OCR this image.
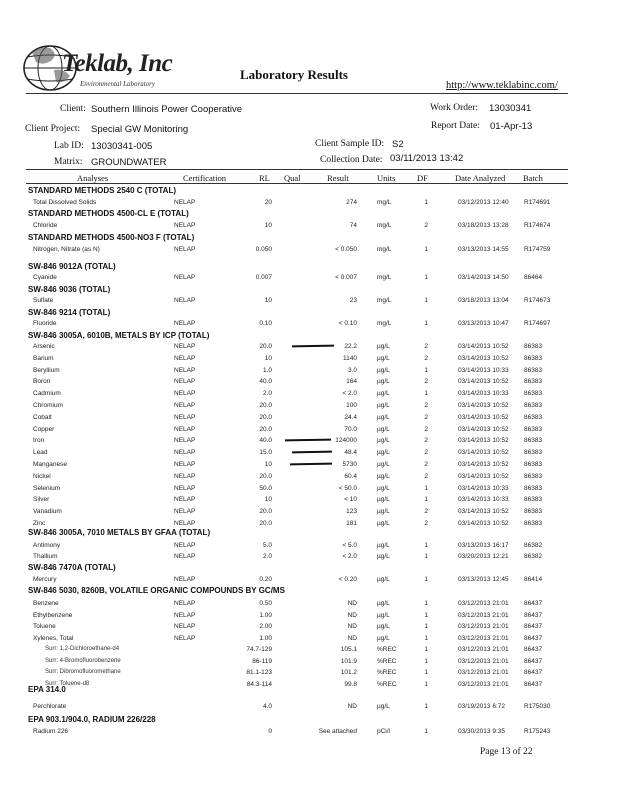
Teklab, Inc
Environmental Laboratory
Laboratory Results
http://www.teklabinc.com/
Client: Southern Illinois Power Cooperative	Work Order: 13030341
Client Project: Special GW Monitoring	Report Date: 01-Apr-13
Lab ID: 13030341-005	Client Sample ID: S2
Matrix: GROUNDWATER	Collection Date: 03/11/2013 13:42
Analyses	Certification	RL Qual	Result	Units	DF	Date Analyzed Batch
STANDARD METHODS 2540 C (TOTAL)
Total Dissolved Solids	NELAP	20	274	mg/L	1	03/12/2013 12:40 R174691
STANDARD METHODS 4500-CL E (TOTAL)
Chloride	NELAP	10	74	mg/L	2	03/18/2013 13:28 R174674
STANDARD METHODS 4500-NO3 F (TOTAL)
Nitrogen, Nitrate (as N)	NELAP	0.050	< 0.050	mg/L	1	03/13/2013 14:55 R174759
SW-846 9012A (TOTAL)
Cyanide	NELAP	0.007	< 0.007	mg/L	1	03/14/2013 14:50 86464
SW-846 9036 (TOTAL)
Sulfate	NELAP	10	23	mg/L	1	03/18/2013 13:04 R174673
SW-846 9214 (TOTAL)
Fluoride	NELAP	0.10	< 0.10	mg/L	1	03/13/2013 10:47 R174697
SW-846 3005A, 6010B, METALS BY ICP (TOTAL)
Arsenic	NELAP	20.0	22.2	µg/L	2	03/14/2013 10:52 86383
Barium	NELAP	10	1140	µg/L	2	03/14/2013 10:52 86383
Beryllium	NELAP	1.0	3.0	µg/L	1	03/14/2013 10:33 86383
Boron	NELAP	40.0	164	µg/L	2	03/14/2013 10:52 86383
Cadmium	NELAP	2.0	< 2.0	µg/L	1	03/14/2013 10:33 86383
Chromium	NELAP	20.0	100	µg/L	2	03/14/2013 10:52 86383
Cobalt	NELAP	20.0	24.4	µg/L	2	03/14/2013 10:52 86383
Copper	NELAP	20.0	70.0	µg/L	2	03/14/2013 10:52 86383
Iron	NELAP	40.0	124000	µg/L	2	03/14/2013 10:52 86383
Lead	NELAP	15.0	48.4	µg/L	2	03/14/2013 10:52 86383
Manganese	NELAP	10	5730	µg/L	2	03/14/2013 10:52 86383
Nickel	NELAP	20.0	60.4	µg/L	2	03/14/2013 10:52 86383
Selenium	NELAP	50.0	< 50.0	µg/L	1	03/14/2013 10:33 86383
Silver	NELAP	10	< 10	µg/L	1	03/14/2013 10:33 86383
Vanadium	NELAP	20.0	123	µg/L	2	03/14/2013 10:52 86383
Zinc	NELAP	20.0	181	µg/L	2	03/14/2013 10:52 86383
SW-846 3005A, 7010 METALS BY GFAA (TOTAL)
Antimony	NELAP	5.0	< 5.0	µg/L	1	03/13/2013 16:17 86382
Thallium	NELAP	2.0	< 2.0	µg/L	1	03/20/2013 12:21 86382
SW-846 7470A (TOTAL)
Mercury	NELAP	0.20	< 0.20	µg/L	1	03/13/2013 12:45 86414
SW-846 5030, 8260B, VOLATILE ORGANIC COMPOUNDS BY GC/MS
Benzene	NELAP	0.50	ND	µg/L	1	03/12/2013 21:01 86437
Ethylbenzene	NELAP	1.00	ND	µg/L	1	03/12/2013 21:01 86437
Toluene	NELAP	2.00	ND	µg/L	1	03/12/2013 21:01 86437
Xylenes, Total	NELAP	1.00	ND	µg/L	1	03/12/2013 21:01 86437
Surr: 1,2-Dichloroethane-d4	74.7-129	105.1	%REC	1	03/12/2013 21:01 86437
Surr: 4-Bromofluorobenzene	86-119	101.9	%REC	1	03/12/2013 21:01 86437
Surr: Dibromofluoromethane	81.1-123	101.2	%REC	1	03/12/2013 21:01 86437
Surr: Toluene-d8	84.3-114	99.8	%REC	1	03/12/2013 21:01 86437
EPA 314.0
Perchlorate	4.0	ND	µg/L	1	03/19/2013 6:72	R175030
EPA 903.1/904.0, RADIUM 226/228
Radium 226	0	See attached	pCi/l	1	03/30/2013 9:35	R175243
Page 13 of 22
